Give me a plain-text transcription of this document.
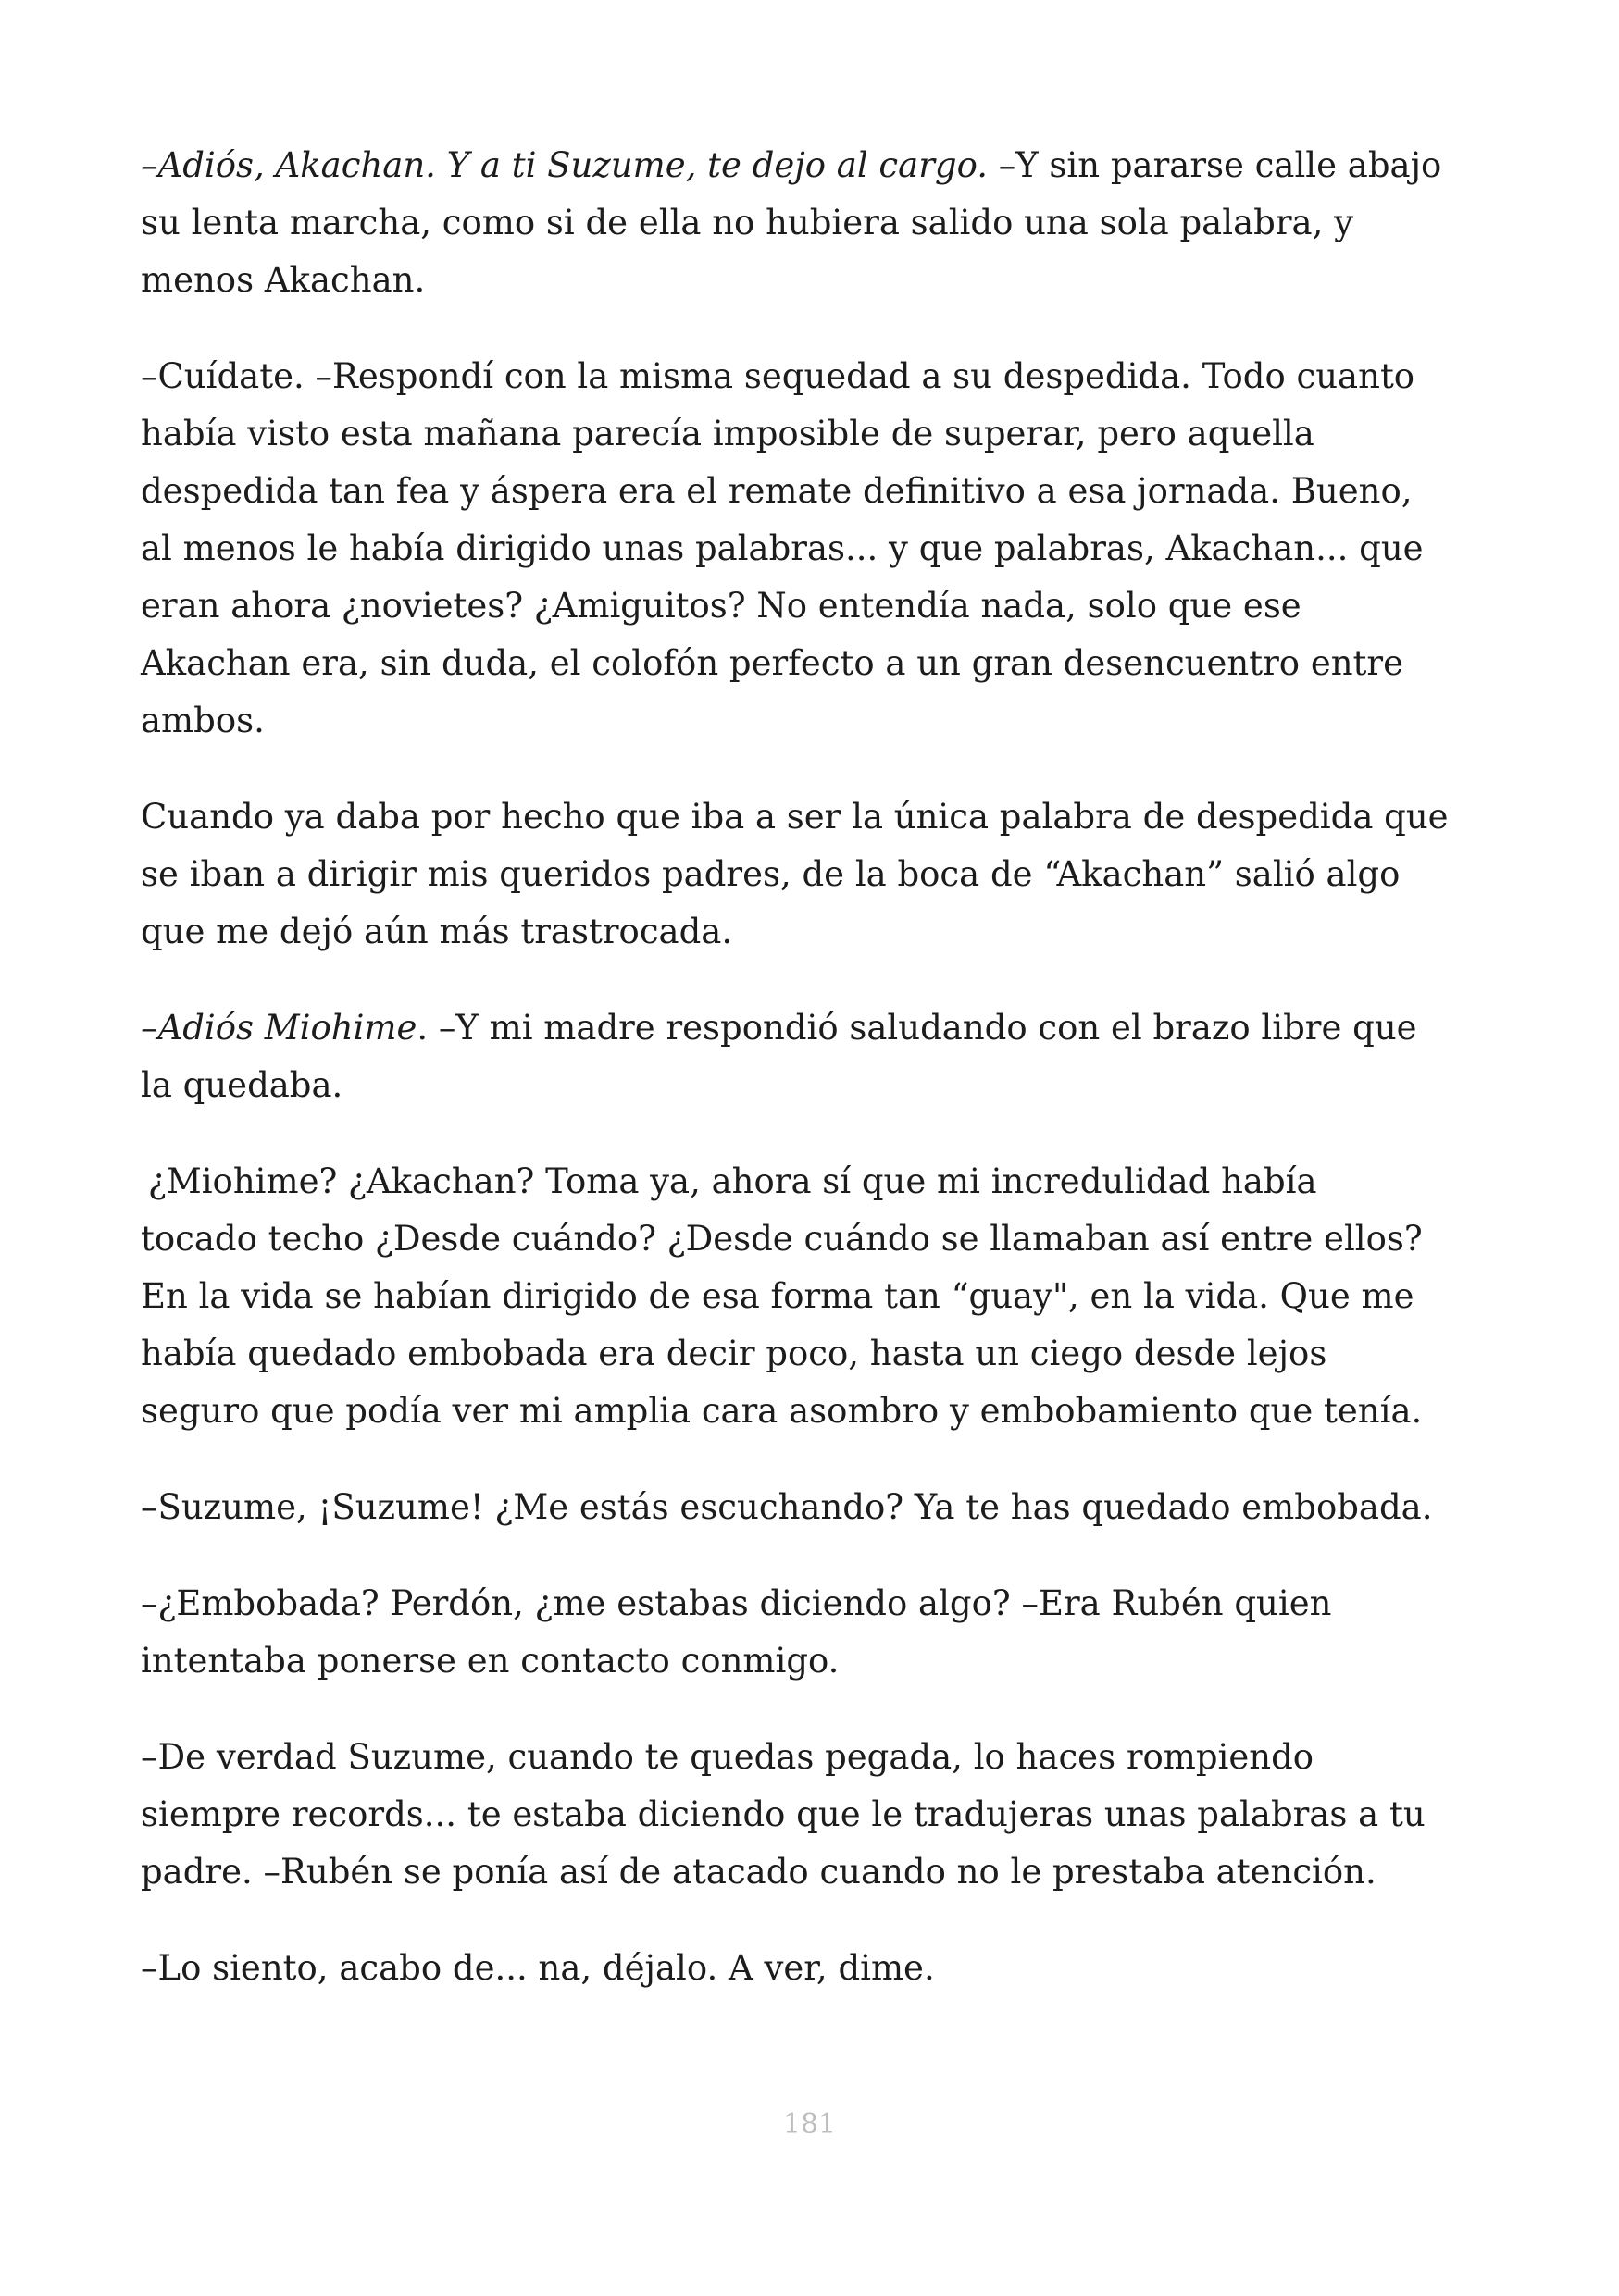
–Adiós, Akachan. Y a ti Suzume, te dejo al cargo. –Y sin pararse calle abajo
su lenta marcha, como si de ella no hubiera salido una sola palabra, y
menos Akachan.
–Cuídate. –Respondí con la misma sequedad a su despedida. Todo cuanto
había visto esta mañana parecía imposible de superar, pero aquella
despedida tan fea y áspera era el remate definitivo a esa jornada. Bueno,
al menos le había dirigido unas palabras... y que palabras, Akachan... que
eran ahora ¿novietes? ¿Amiguitos? No entendía nada, solo que ese
Akachan era, sin duda, el colofón perfecto a un gran desencuentro entre
ambos.
Cuando ya daba por hecho que iba a ser la única palabra de despedida que
se iban a dirigir mis queridos padres, de la boca de “Akachan” salió algo
que me dejó aún más trastrocada.
–Adiós Miohime. –Y mi madre respondió saludando con el brazo libre que
la quedaba.
¿Miohime? ¿Akachan? Toma ya, ahora sí que mi incredulidad había
tocado techo ¿Desde cuándo? ¿Desde cuándo se llamaban así entre ellos?
En la vida se habían dirigido de esa forma tan “guay", en la vida. Que me
había quedado embobada era decir poco, hasta un ciego desde lejos
seguro que podía ver mi amplia cara asombro y embobamiento que tenía.
–Suzume, ¡Suzume! ¿Me estás escuchando? Ya te has quedado embobada.
–¿Embobada? Perdón, ¿me estabas diciendo algo? –Era Rubén quien
intentaba ponerse en contacto conmigo.
–De verdad Suzume, cuando te quedas pegada, lo haces rompiendo
siempre records... te estaba diciendo que le tradujeras unas palabras a tu
padre. –Rubén se ponía así de atacado cuando no le prestaba atención.
–Lo siento, acabo de... na, déjalo. A ver, dime.
181
